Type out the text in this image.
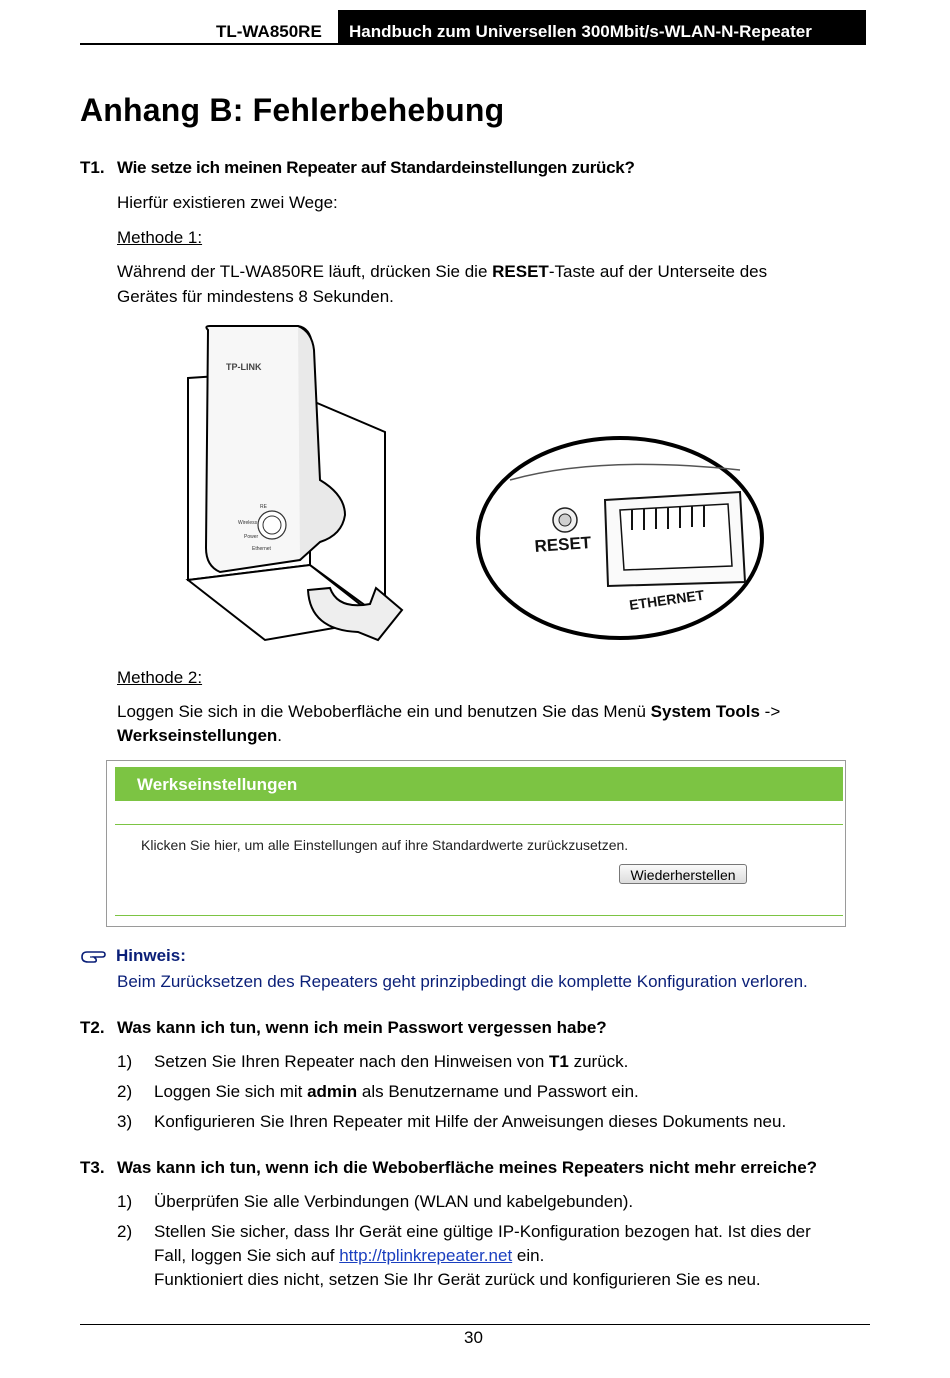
TL-WA850RE Handbuch zum Universellen 300Mbit/s-WLAN-N-Repeater
Anhang B: Fehlerbehebung
T1. Wie setze ich meinen Repeater auf Standardeinstellungen zurück?
Hierfür existieren zwei Wege:
Methode 1:
Während der TL-WA850RE läuft, drücken Sie die RESET-Taste auf der Unterseite des
Gerätes für mindestens 8 Sekunden.
TP-LINK
RE
Wireless
Power
Ethernet	RESET
ETHERNET
Methode 2:
Loggen Sie sich in die Weboberfläche ein und benutzen Sie das Menü System Tools ->
Werkseinstellungen.
Werkseinstellungen
Klicken Sie hier, um alle Einstellungen auf ihre Standardwerte zurückzusetzen.
Wiederherstellen
Hinweis:
Beim Zurücksetzen des Repeaters geht prinzipbedingt die komplette Konfiguration verloren.
T2. Was kann ich tun, wenn ich mein Passwort vergessen habe?
1) Setzen Sie Ihren Repeater nach den Hinweisen von T1 zurück.
2) Loggen Sie sich mit admin als Benutzername und Passwort ein.
3) Konfigurieren Sie Ihren Repeater mit Hilfe der Anweisungen dieses Dokuments neu.
T3. Was kann ich tun, wenn ich die Weboberfläche meines Repeaters nicht mehr erreiche?
1) Überprüfen Sie alle Verbindungen (WLAN und kabelgebunden).
2) Stellen Sie sicher, dass Ihr Gerät eine gültige IP-Konfiguration bezogen hat. Ist dies der
Fall, loggen Sie sich auf http://tplinkrepeater.net ein.
Funktioniert dies nicht, setzen Sie Ihr Gerät zurück und konfigurieren Sie es neu.
30
